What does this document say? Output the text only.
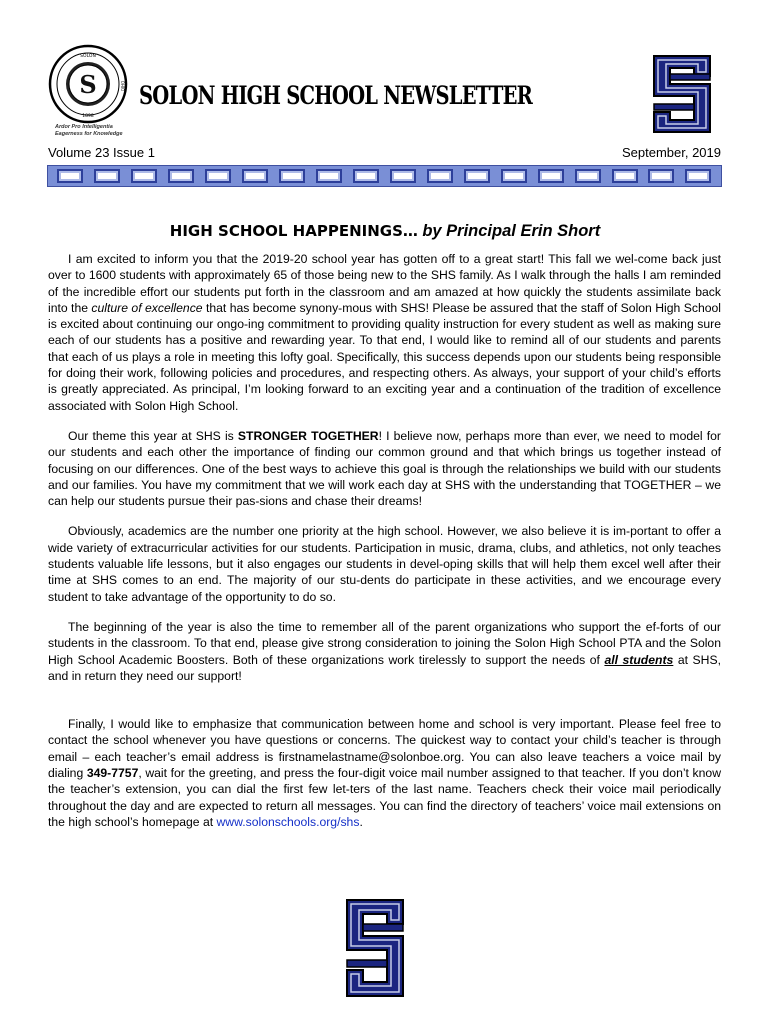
S
SOLON
1898
OHIO
Ardor Pro Intelligentia
Eagerness for Knowledge
SOLON HIGH SCHOOL NEWSLETTER
Volume 23 Issue 1	September, 2019
HIGH SCHOOL HAPPENINGS… by Principal Erin Short

I am excited to inform you that the 2019-20 school year has gotten off to a great start! This fall we wel-come back just over to 1600 students with approximately 65 of those being new to the SHS family. As I walk through the halls I am reminded of the incredible effort our students put forth in the classroom and am amazed at how quickly the students assimilate back into the culture of excellence that has become synony-mous with SHS! Please be assured that the staff of Solon High School is excited about continuing our ongo-ing commitment to providing quality instruction for every student as well as making sure each of our students has a positive and rewarding year. To that end, I would like to remind all of our students and parents that each of us plays a role in meeting this lofty goal. Specifically, this success depends upon our students being responsible for doing their work, following policies and procedures, and respecting others. As always, your support of your child’s efforts is greatly appreciated. As principal, I’m looking forward to an exciting year and a continuation of the tradition of excellence associated with Solon High School.

Our theme this year at SHS is STRONGER TOGETHER! I believe now, perhaps more than ever, we need to model for our students and each other the importance of finding our common ground and that which brings us together instead of focusing on our differences. One of the best ways to achieve this goal is through the relationships we build with our students and our families. You have my commitment that we will work each day at SHS with the understanding that TOGETHER – we can help our students pursue their pas-sions and chase their dreams!

Obviously, academics are the number one priority at the high school. However, we also believe it is im-portant to offer a wide variety of extracurricular activities for our students. Participation in music, drama, clubs, and athletics, not only teaches students valuable life lessons, but it also engages our students in devel-oping skills that will help them excel well after their time at SHS comes to an end. The majority of our stu-dents do participate in these activities, and we encourage every student to take advantage of the opportunity to do so.

The beginning of the year is also the time to remember all of the parent organizations who support the ef-forts of our students in the classroom. To that end, please give strong consideration to joining the Solon High School PTA and the Solon High School Academic Boosters. Both of these organizations work tirelessly to support the needs of all students at SHS, and in return they need our support!

Finally, I would like to emphasize that communication between home and school is very important. Please feel free to contact the school whenever you have questions or concerns. The quickest way to contact your child’s teacher is through email – each teacher’s email address is firstnamelastname@solonboe.org. You can also leave teachers a voice mail by dialing 349-7757, wait for the greeting, and press the four-digit voice mail number assigned to that teacher. If you don’t know the teacher’s extension, you can dial the first few let-ters of the last name. Teachers check their voice mail periodically throughout the day and are expected to return all messages. You can find the directory of teachers’ voice mail extensions on the high school’s homepage at www.solonschools.org/shs.
